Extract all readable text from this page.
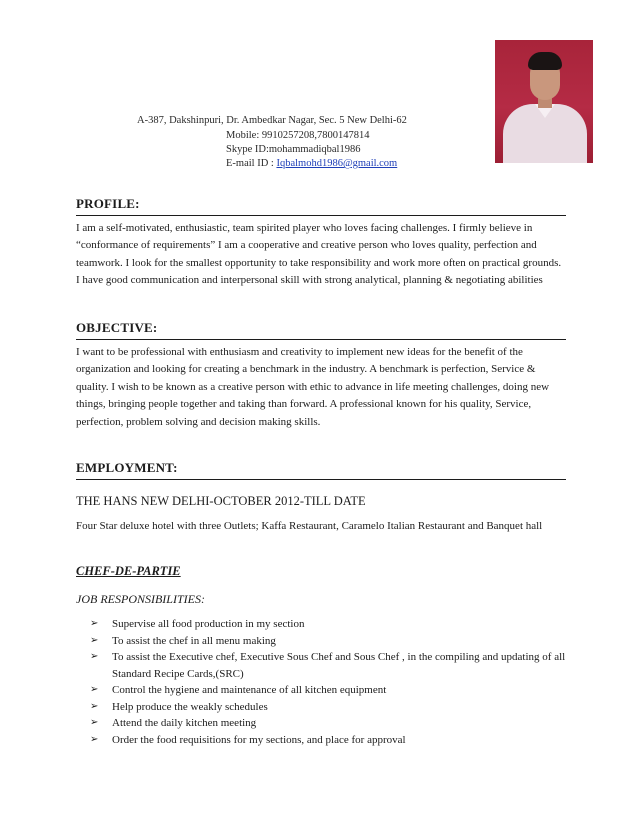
A-387, Dakshinpuri, Dr. Ambedkar Nagar, Sec. 5 New Delhi-62
Mobile: 9910257208,7800147814
Skype ID:mohammadiqbal1986
E-mail ID : Iqbalmohd1986@gmail.com
PROFILE:

I am a self-motivated, enthusiastic, team spirited player who loves facing challenges. I firmly believe in “conformance of requirements” I am a cooperative and creative person who loves quality, perfection and teamwork. I look for the smallest opportunity to take responsibility and work more often on practical grounds. I have good communication and interpersonal skill with strong analytical, planning & negotiating abilities

OBJECTIVE:

I want to be professional with enthusiasm and creativity to implement new ideas for the benefit of the organization and looking for creating a benchmark in the industry. A benchmark is perfection, Service & quality. I wish to be known as a creative person with ethic to advance in life meeting challenges, doing new things, bringing people together and taking than forward. A professional known for his quality, Service, perfection, problem solving and decision making skills.

EMPLOYMENT:
THE HANS NEW DELHI-OCTOBER 2012-TILL DATE
Four Star deluxe hotel with three Outlets; Kaffa Restaurant, Caramelo Italian Restaurant and Banquet hall
CHEF-DE-PARTIE
JOB RESPONSIBILITIES:
➢ Supervise all food production in my section
➢ To assist the chef in all menu making
➢ To assist the Executive chef, Executive Sous Chef and Sous Chef , in the compiling and updating of all Standard Recipe Cards,(SRC)
➢ Control the hygiene and maintenance of all kitchen equipment
➢ Help produce the weakly schedules
➢ Attend the daily kitchen meeting
➢ Order the food requisitions for my sections, and place for approval
